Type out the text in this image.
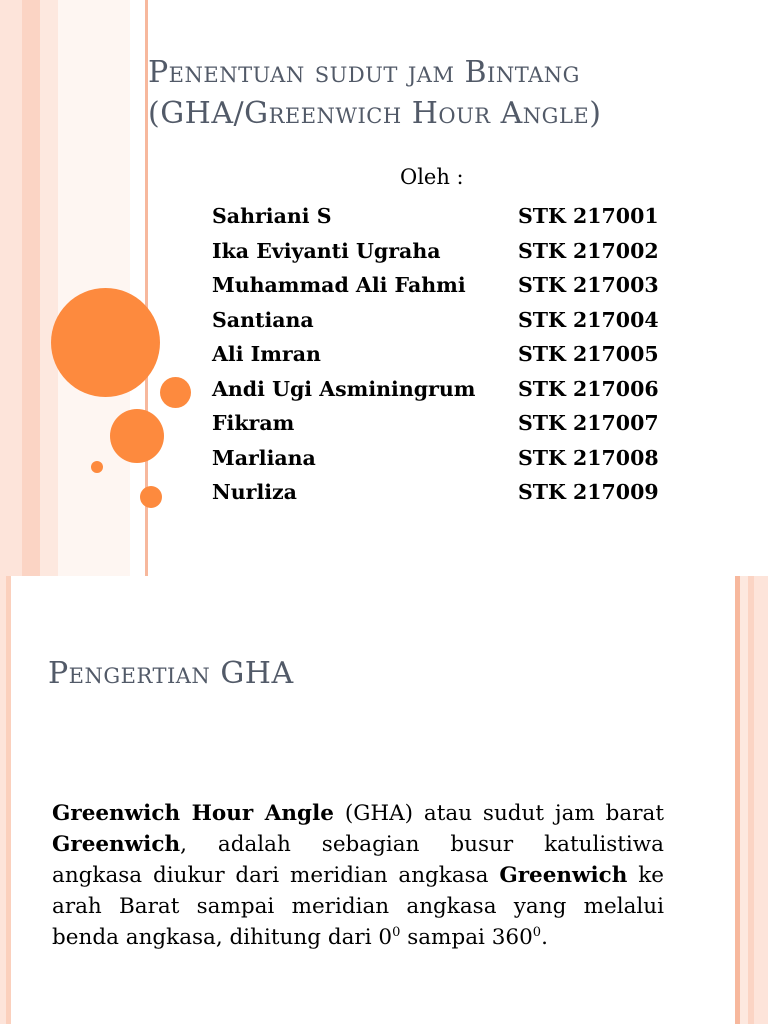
Penentuan sudut jam Bintang
(GHA/Greenwich Hour Angle)
Oleh :
Sahriani S	STK 217001
Ika Eviyanti Ugraha	STK 217002
Muhammad Ali Fahmi	STK 217003
Santiana	STK 217004
Ali Imran	STK 217005
Andi Ugi Asminingrum	STK 217006
Fikram	STK 217007
Marliana	STK 217008
Nurliza	STK 217009
Pengertian GHA
Greenwich Hour Angle (GHA) atau sudut jam barat Greenwich, adalah sebagian busur katulistiwa angkasa diukur dari meridian angkasa Greenwich ke arah Barat sampai meridian angkasa yang melalui benda angkasa, dihitung dari $0^0$ sampai $360^0$.
